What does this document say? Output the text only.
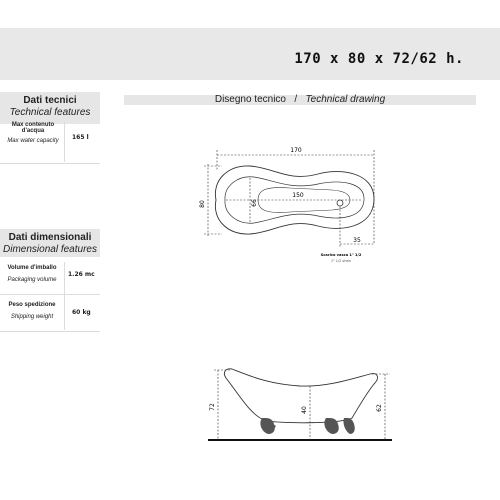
170 x 80 x 72/62 h.
Dati tecnici
Technical features
Max contenuto d'acqua
Max water capacity	165 l
Dati dimensionali
Dimensional features
Volume d'imballo
Packaging volume
1.26 mc
Peso spedizione
Shipping weight
60 kg
Disegno tecnico / Technical drawing
170
80
150
66
35
Scarico vasca 1" 1/2
1" 1/2 drain
72	40	62
